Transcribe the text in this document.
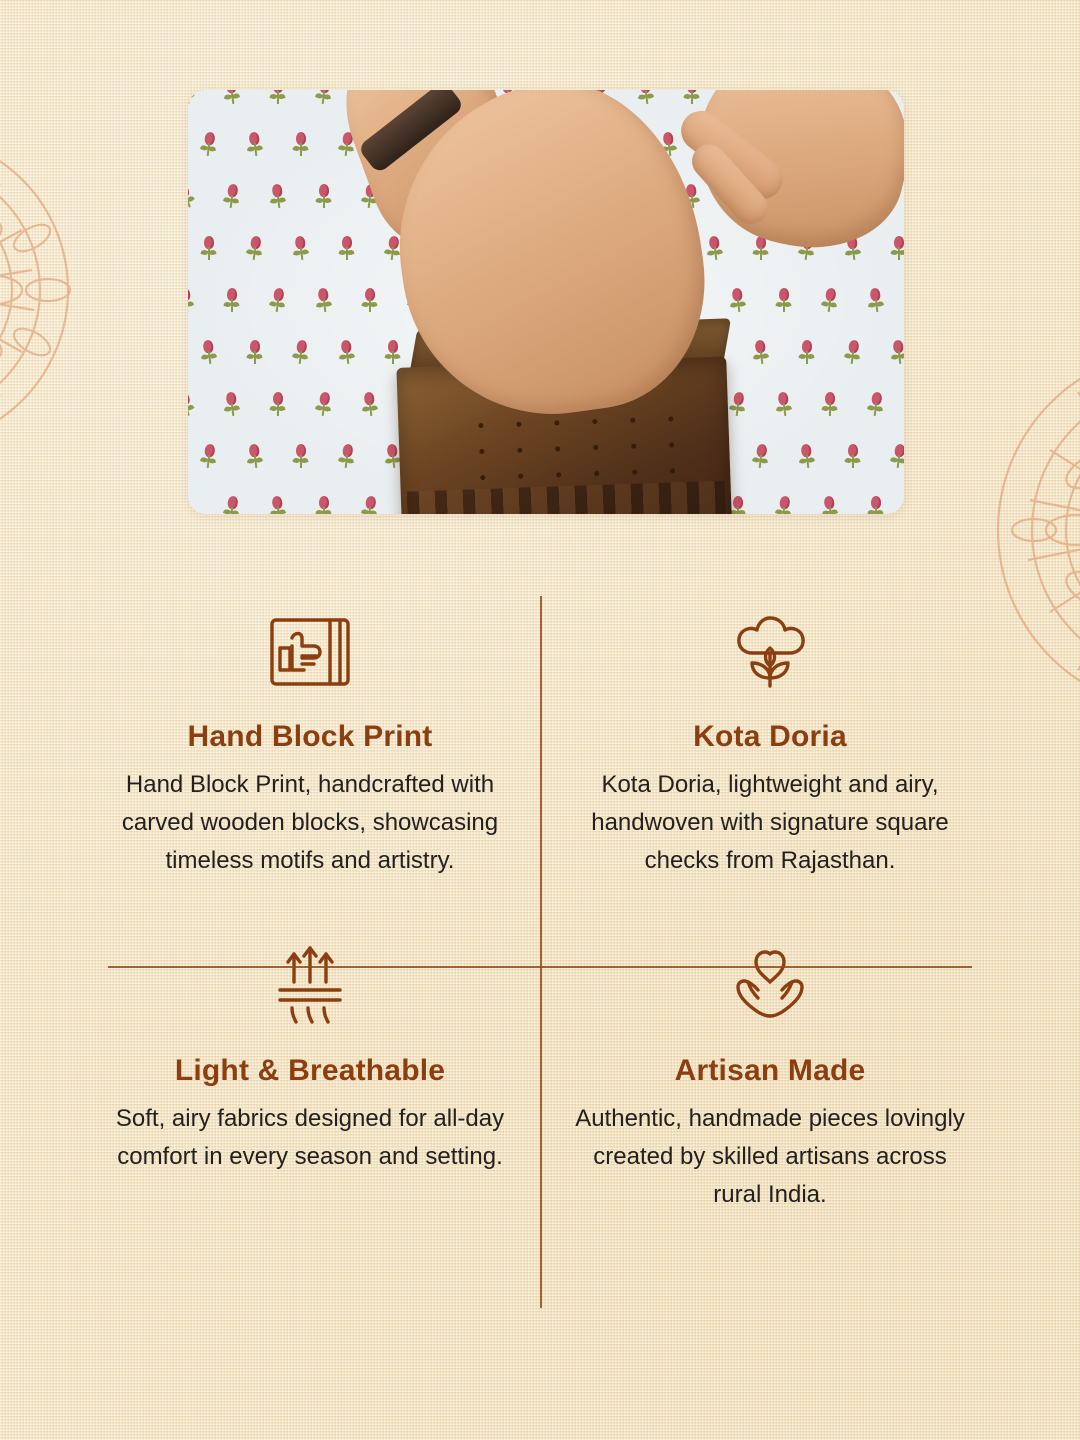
Hand Block Print

Hand Block Print, handcrafted with carved wooden blocks, showcasing timeless motifs and artistry.

Kota Doria

Kota Doria, lightweight and airy, handwoven with signature square checks from Rajasthan.

Light & Breathable

Soft, airy fabrics designed for all-day comfort in every season and setting.

Artisan Made

Authentic, handmade pieces lovingly created by skilled artisans across rural India.
